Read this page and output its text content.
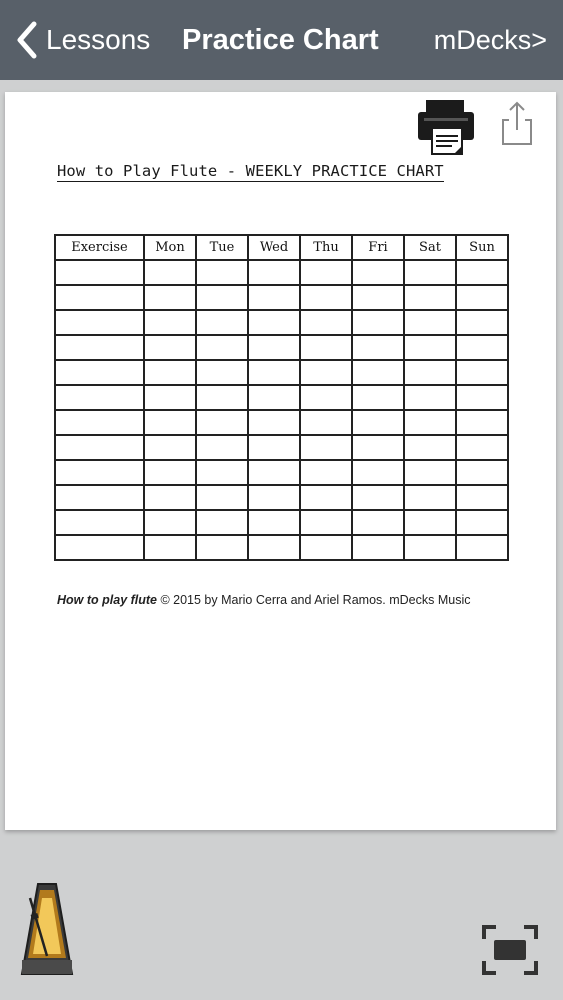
Lessons Practice Chart mDecks>
How to Play Flute - WEEKLY PRACTICE CHART
Exercise	Mon	Tue	Wed	Thu	Fri	Sat	Sun

How to play flute © 2015 by Mario Cerra and Ariel Ramos. mDecks Music
